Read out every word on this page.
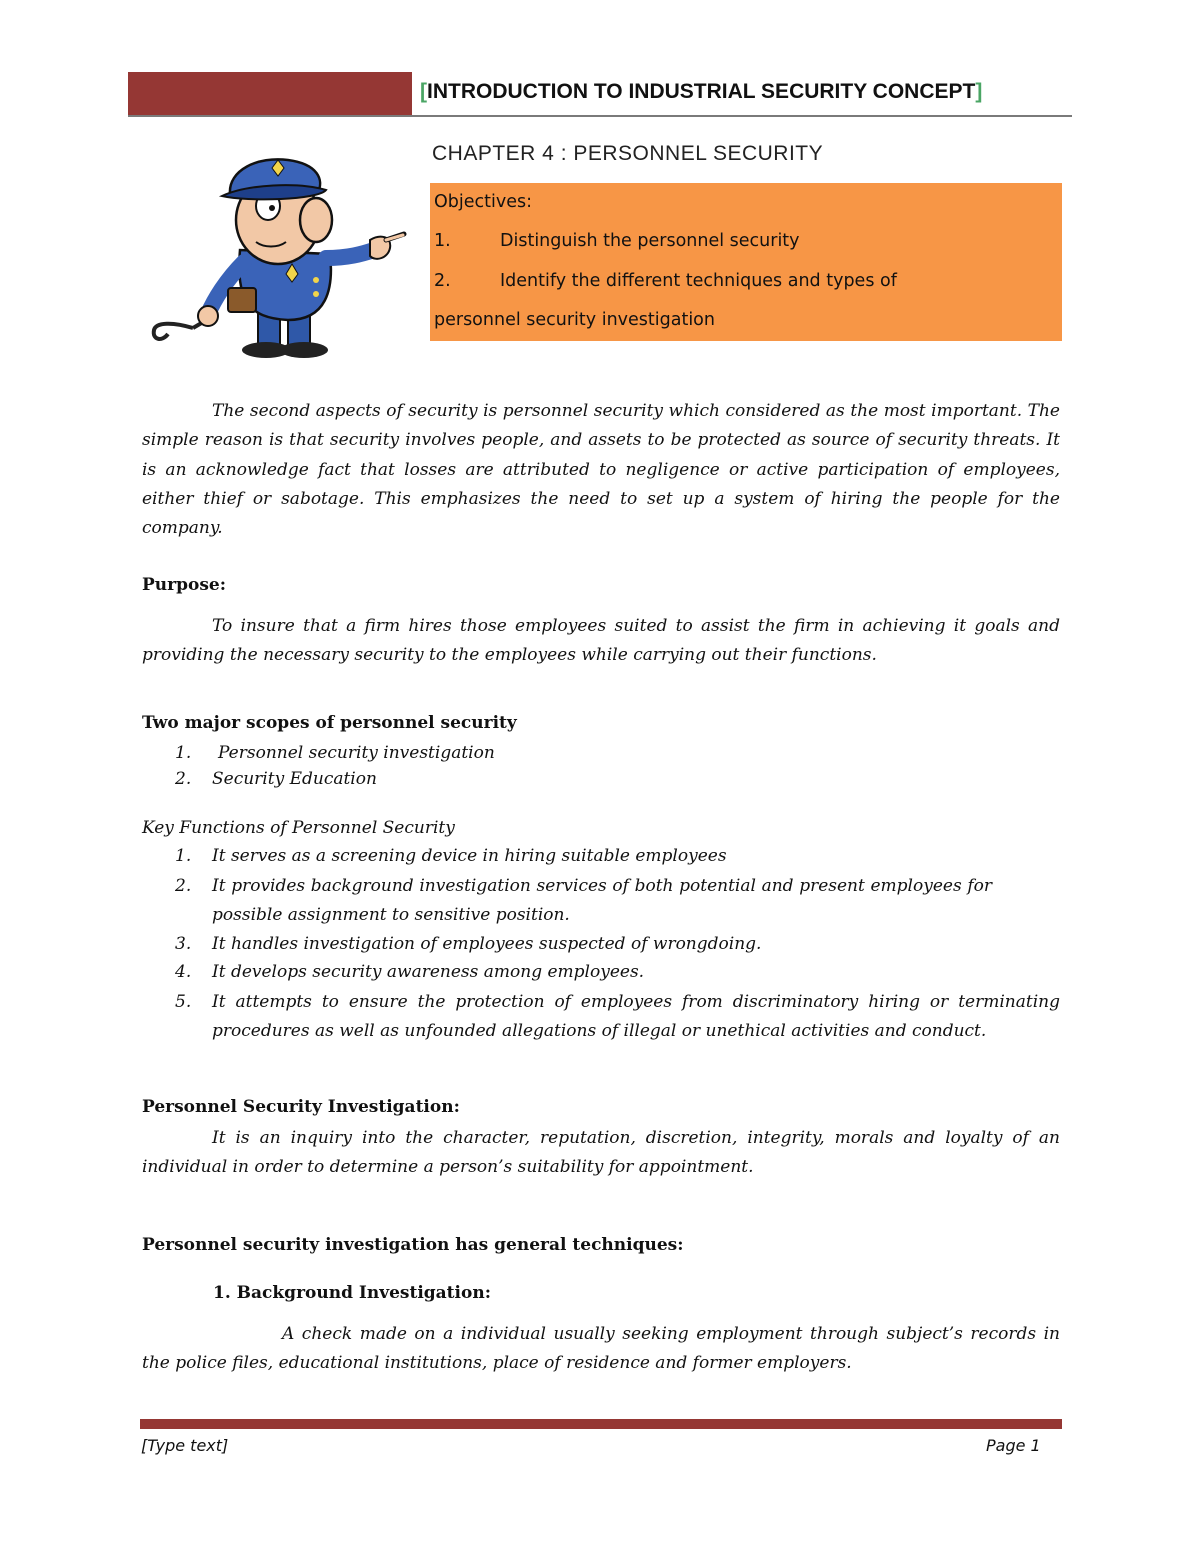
[INTRODUCTION TO INDUSTRIAL SECURITY CONCEPT]
CHAPTER 4 : PERSONNEL SECURITY
Objectives:
1.	Distinguish the personnel security
2.	Identify the different techniques and types of
personnel security investigation
The second aspects of security is personnel security which considered as the most important. The simple reason is that security involves people, and assets to be protected as source of security threats. It is an acknowledge fact that losses are attributed to negligence or active participation of employees, either thief or sabotage. This emphasizes the need to set up a system of hiring the people for the company.
Purpose:
To insure that a firm hires those employees suited to assist the firm in achieving it goals and providing the necessary security to the employees while carrying out their functions.
Two major scopes of personnel security
1. Personnel security investigation
2. Security Education
Key Functions of Personnel Security
1. It serves as a screening device in hiring suitable employees
2. It provides background investigation services of both potential and present employees for possible assignment to sensitive position.
3. It handles investigation of employees suspected of wrongdoing.
4. It develops security awareness among employees.
5. It attempts to ensure the protection of employees from discriminatory hiring or terminating procedures as well as unfounded allegations of illegal or unethical activities and conduct.
Personnel Security Investigation:
It is an inquiry into the character, reputation, discretion, integrity, morals and loyalty of an individual in order to determine a person’s suitability for appointment.
Personnel security investigation has general techniques:
1. Background Investigation:
A check made on a individual usually seeking employment through subject’s records in the police files, educational institutions, place of residence and former employers.
[Type text]	Page 1
